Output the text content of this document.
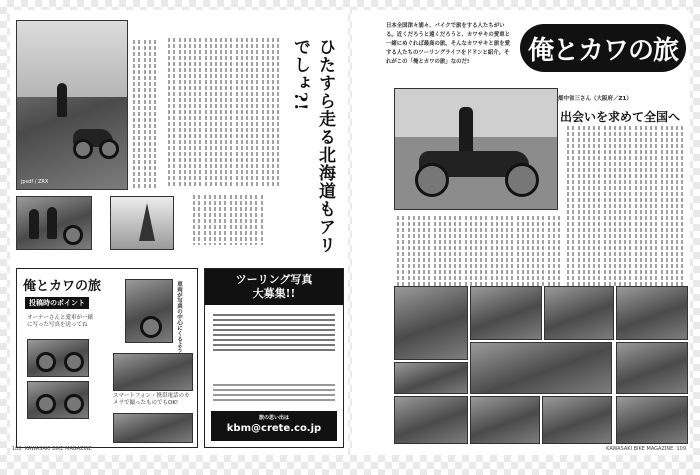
jpsdf / ZRX	ひたすら走る北海道もアリでしょ?!
俺とカワの旅
投稿時のポイント
オーナーさんと愛車が一緒に写った写真を送ってね	車両が写真の中心にくるよう
スマートフォン・携帯電話のカメラで撮ったものでもOK!
ツーリング写真
大募集!!
旅の思い出は
kbm@crete.co.jp
108 KAWASAKI BIKE MAGAZINE
日本全国津々浦々、バイクで旅をする人たちがいる。近くだろうと遠くだろうと、カワサキの愛車と一緒にめぐれば最高の旅。そんなカワサキと旅を愛する人たちのツーリングライフをドドンと紹介。それがこの「俺とカワの旅」なのだ!	俺とカワの旅
畑中省三さん（大阪府／Z1）
出会いを求めて全国へ
KAWASAKI BIKE MAGAZINE 109
